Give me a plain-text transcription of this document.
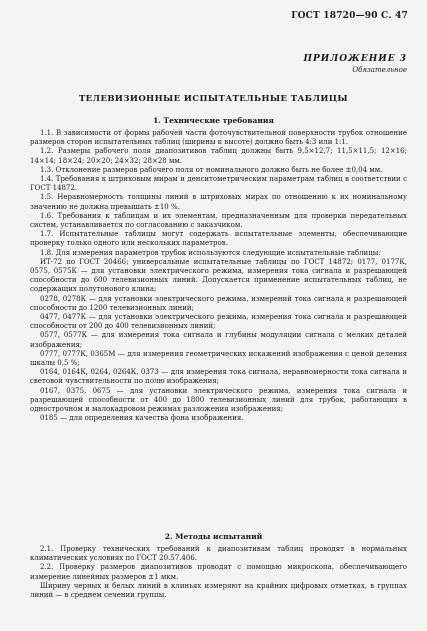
ГОСТ 18720—90 С. 47
ПРИЛОЖЕНИЕ 3
Обязательное
ТЕЛЕВИЗИОННЫЕ ИСПЫТАТЕЛЬНЫЕ ТАБЛИЦЫ
1. Технические требования

1.1. В зависимости от формы рабочей части фоточувствительной поверхности трубок отношение размеров сторон испытательных таблиц (ширины к высоте) должно быть 4:3 или 1:1.

1.2. Размеры рабочего поля диапозитивов таблиц должны быть 9,5×12,7; 11,5×11,5; 12×16; 14×14; 18×24; 20×20; 24×32; 28×28 мм.

1.3. Отклонение размеров рабочего поля от номинального должно быть не более ±0,04 мм.

1.4. Требования к штриховым мирам и денситометрическим параметрам таблиц в соответствии с ГОСТ 14872.

1.5. Неравномерность толщины линий в штриховых мирах по отношению к их номинальному значению не должна превышать ±10 %.

1.6. Требования к таблицам и их элементам, предназначенным для проверки передательных систем, устанавливается по согласованию с заказчиком.

1.7. Испытательные таблицы могут содержать испытательные элементы, обеспечивающие проверку только одного или нескольких параметров.

1.8. Для измерения параметров трубок используются следующие испытательные таблицы:

ИТ-72 по ГОСТ 20466; универсальные испытательные таблицы по ГОСТ 14872; 0177, 0177К, 0575, 0575К — для установки электрического режима, измерения тока сигнала и разрешающей способности до 600 телевизионных линий. Допускается применение испытательных таблиц, не содержащих полутонового клина;

0278, 0278К — для установки электрического режима, измерений тока сигнала и разрешающей способности до 1200 телевизионных линий;

0477, 0477К — для установки электрического режима, измерения тока сигнала и разрешающей способности от 200 до 400 телевизионных линий;

0577, 0577К — для измерения тока сигнала и глубины модуляции сигнала с мелких деталей изображения;

0777, 0777К, 0365М — для измерения геометрических искажений изображения с ценой деления шкалы 0,5 %;

0164, 0164К, 0264, 0264К, 0373 — для измерения тока сигнала, неравномерности тока сигнала и световой чувствительности по полю изображения;

0167, 0375, 0675 — для установки электрического режима, измерения тока сигнала и разрешающей способности от 400 до 1800 телевизионных линий для трубок, работающих в однострочном и малокадровом режимах разложения изображения;

0185 — для определения качества фона изображения.

2. Методы испытаний

2.1. Проверку технических требований к диапозитивам таблиц проводят в нормальных климатических условиях по ГОСТ 20.57.406.

2.2. Проверку размеров диапозитивов проводят с помощью микроскопа, обеспечивающего измерение линейных размеров ±1 мкм.

Ширину черных и белых линий в клиньях измеряют на крайних цифровых отметках, в группах линий — в среднем сечении группы.
